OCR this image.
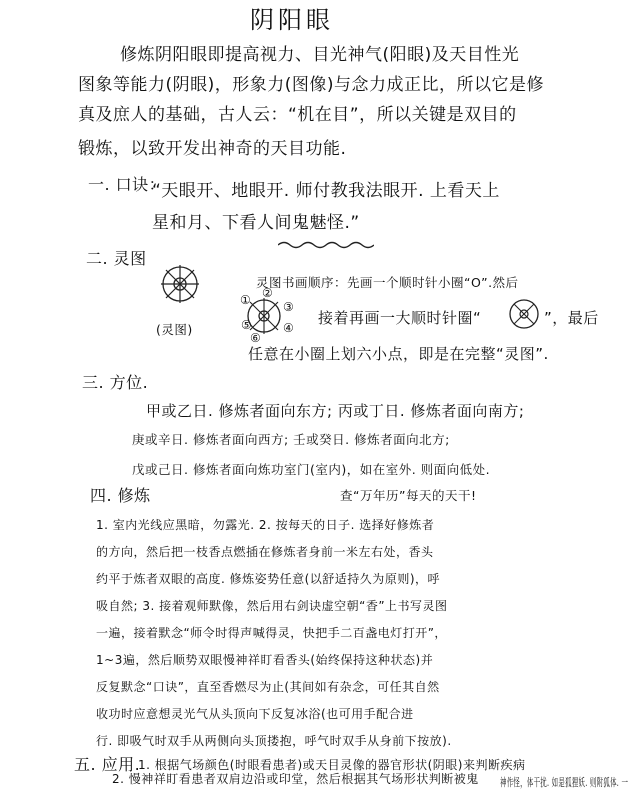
阴阳眼
修炼阴阳眼即提高视力、目光神气(阳眼)及天目性光
图象等能力(阴眼)，形象力(图像)与念力成正比，所以它是修
真及庶人的基础，古人云：“机在目”，所以关键是双目的
锻炼，以致开发出神奇的天目功能.
一. 口诀：
“天眼开、地眼开. 师付教我法眼开. 上看天上
星和月、下看人间鬼魅怪.”
二. 灵图
(灵图)
① ②
③
④
⑤
⑥
灵图书画顺序：先画一个顺时针小圈“O”.然后
接着再画一大顺时针圈“	”，最后
任意在小圈上划六小点，即是在完整“灵图”.
三. 方位.
甲或乙日. 修炼者面向东方; 丙或丁日. 修炼者面向南方;
庚或辛日. 修炼者面向西方; 壬或癸日. 修炼者面向北方;
戊或己日. 修炼者面向炼功室门(室内)，如在室外. 则面向低处.
四. 修炼	查“万年历”每天的天干!
1. 室内光线应黑暗，勿露光. 2. 按每天的日子. 选择好修炼者
的方向，然后把一枝香点燃插在修炼者身前一米左右处，香头
约平于炼者双眼的高度. 修炼姿势任意(以舒适持久为原则)，呼
吸自然; 3. 接着观师默像，然后用右剑诀虚空朝“香”上书写灵图
一遍，接着默念“师令时得声喊得灵，快把手二百盏电灯打开”，
1~3遍，然后顺势双眼慢神祥盯看香头(始终保持这种状态)并
反复默念“口诀”，直至香燃尽为止(其间如有杂念，可任其自然
收功时应意想灵光气从头顶向下反复冰浴(也可用手配合进
行. 即吸气时双手从两侧向头顶搂抱，呼气时双手从身前下按放).
五. 应用.
1. 根据气场颜色(时眼看患者)或天目灵像的器官形状(阴眼)来判断疾病
2. 慢神祥盯看患者双肩边沿或印堂，然后根据其气场形状判断被鬼 神作怪，体干扰. 如是狐狸妖. 则附狐体. 一
